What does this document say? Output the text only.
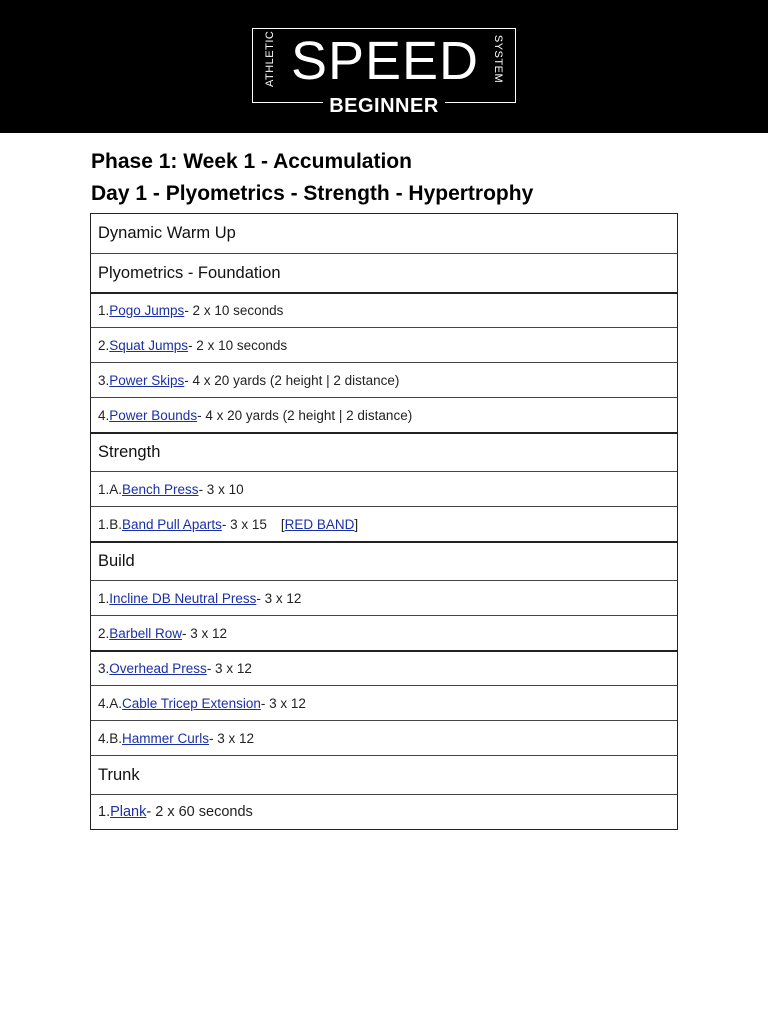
ATHLETIC SPEED	SYSTEM
BEGINNER
Phase 1: Week 1 - Accumulation
Day 1 - Plyometrics - Strength - Hypertrophy
Dynamic Warm Up
Plyometrics - Foundation
1. Pogo Jumps - 2 x 10 seconds
2. Squat Jumps - 2 x 10 seconds
3. Power Skips - 4 x 20 yards (2 height | 2 distance)
4. Power Bounds - 4 x 20 yards (2 height | 2 distance)
Strength
1.A. Bench Press - 3 x 10
1.B. Band Pull Aparts - 3 x 15 [ RED BAND ]
Build
1. Incline DB Neutral Press - 3 x 12
2. Barbell Row - 3 x 12
3. Overhead Press - 3 x 12
4.A. Cable Tricep Extension - 3 x 12
4.B. Hammer Curls - 3 x 12
Trunk
1. Plank - 2 x 60 seconds
